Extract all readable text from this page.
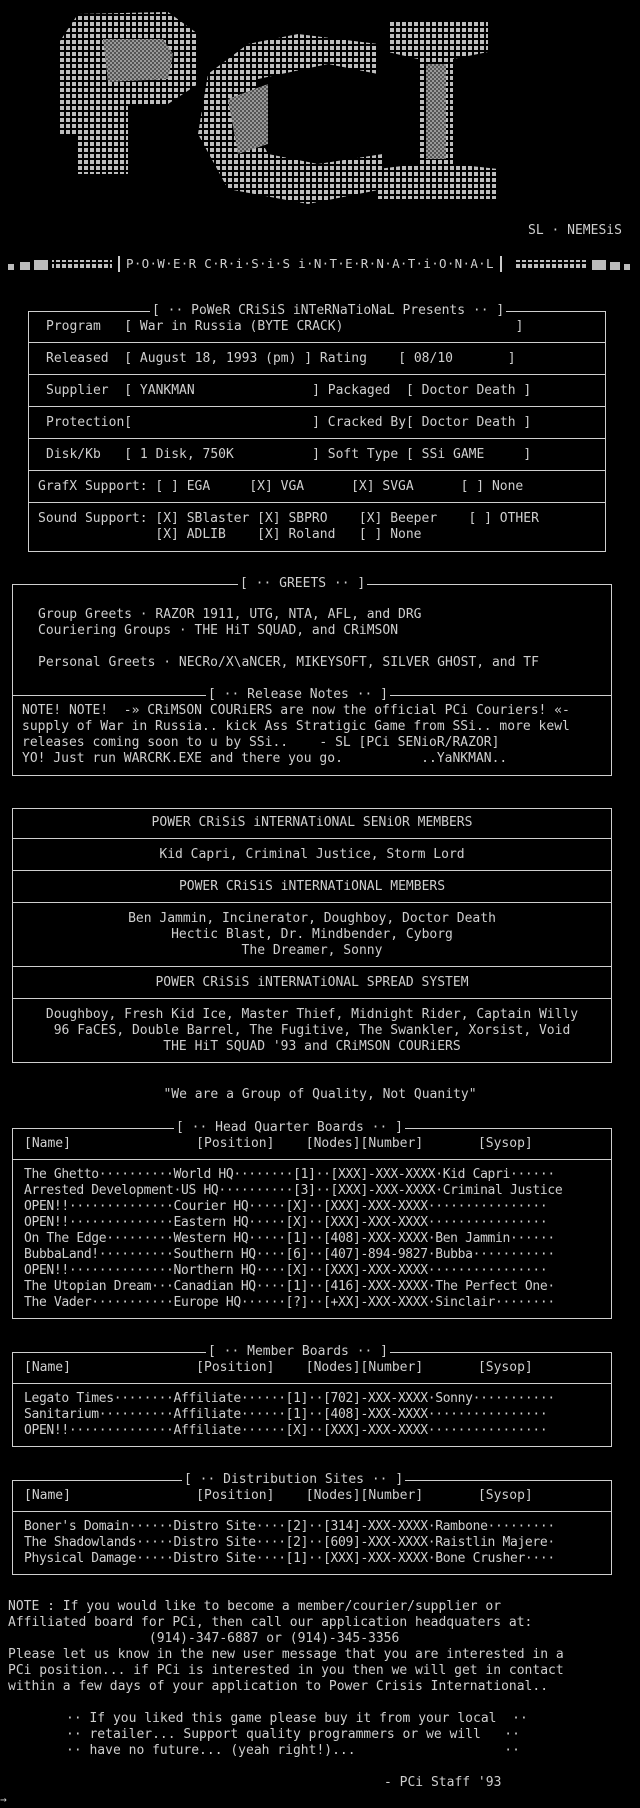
PCi
SL · NEMESiS
P·O·W·E·R C·R·i·S·i·S i·N·T·E·R·N·A·T·i·O·N·A·L
[ ·· PoWeR CRiSiS iNTeRNaTioNaL Presents ·· ]
Program   [ War in Russia (BYTE CRACK)                      ]
Released  [ August 18, 1993 (pm) ] Rating    [ 08/10       ]
Supplier  [ YANKMAN               ] Packaged  [ Doctor Death ]
Protection[                       ] Cracked By[ Doctor Death ]
Disk/Kb   [ 1 Disk, 750K          ] Soft Type [ SSi GAME     ]
GrafX Support: [ ] EGA     [X] VGA      [X] SVGA      [ ] None
Sound Support: [X] SBlaster [X] SBPRO    [X] Beeper    [ ] OTHER
[X] ADLIB    [X] Roland   [ ] None
[ ·· GREETS ·· ]
Group Greets · RAZOR 1911, UTG, NTA, AFL, and DRG
Couriering Groups · THE HiT SQUAD, and CRiMSON
Personal Greets · NECRo/X\aNCER, MIKEYSOFT, SILVER GHOST, and TF
[ ·· Release Notes ·· ]
NOTE! NOTE!  -» CRiMSON COURiERS are now the official PCi Couriers! «-
supply of War in Russia.. kick Ass Stratigic Game from SSi.. more kewl
releases coming soon to u by SSi..    - SL [PCi SENioR/RAZOR]
YO! Just run WARCRK.EXE and there you go.          ..YaNKMAN..
POWER CRiSiS iNTERNATiONAL SENiOR MEMBERS
Kid Capri, Criminal Justice, Storm Lord
POWER CRiSiS iNTERNATiONAL MEMBERS
Ben Jammin, Incinerator, Doughboy, Doctor Death
Hectic Blast, Dr. Mindbender, Cyborg
The Dreamer, Sonny
POWER CRiSiS iNTERNATiONAL SPREAD SYSTEM
Doughboy, Fresh Kid Ice, Master Thief, Midnight Rider, Captain Willy
96 FaCES, Double Barrel, The Fugitive, The Swankler, Xorsist, Void
THE HiT SQUAD '93 and CRiMSON COURiERS
"We are a Group of Quality, Not Quanity"
[ ·· Head Quarter Boards ·· ]
[Name]                [Position]    [Nodes][Number]       [Sysop]
The Ghetto··········World HQ········[1]··[XXX]-XXX-XXXX·Kid Capri······
Arrested Development·US HQ··········[3]··[XXX]-XXX-XXXX·Criminal Justice
OPEN!!··············Courier HQ·····[X]··[XXX]-XXX-XXXX················
OPEN!!··············Eastern HQ·····[X]··[XXX]-XXX-XXXX················
On The Edge·········Western HQ·····[1]··[408]-XXX-XXXX·Ben Jammin······
BubbaLand!··········Southern HQ····[6]··[407]-894-9827·Bubba···········
OPEN!!··············Northern HQ····[X]··[XXX]-XXX-XXXX················
The Utopian Dream···Canadian HQ····[1]··[416]-XXX-XXXX·The Perfect One·
The Vader···········Europe HQ······[?]··[+XX]-XXX-XXXX·Sinclair········
[ ·· Member Boards ·· ]
[Name]                [Position]    [Nodes][Number]       [Sysop]
Legato Times········Affiliate······[1]··[702]-XXX-XXXX·Sonny···········
Sanitarium··········Affiliate······[1]··[408]-XXX-XXXX················
OPEN!!··············Affiliate······[X]··[XXX]-XXX-XXXX················
[ ·· Distribution Sites ·· ]
[Name]                [Position]    [Nodes][Number]       [Sysop]
Boner's Domain······Distro Site····[2]··[314]-XXX-XXXX·Rambone·········
The Shadowlands·····Distro Site····[2]··[609]-XXX-XXXX·Raistlin Majere·
Physical Damage·····Distro Site····[1]··[XXX]-XXX-XXXX·Bone Crusher····
NOTE : If you would like to become a member/courier/supplier or
Affiliated board for PCi, then call our application headquaters at:
(914)-347-6887 or (914)-345-3356
Please let us know in the new user message that you are interested in a
PCi position... if PCi is interested in you then we will get in contact
within a few days of your application to Power Crisis International..
·· If you liked this game please buy it from your local  ··
·· retailer... Support quality programmers or we will   ··
·· have no future... (yeah right!)...                   ··
- PCi Staff '93
→
